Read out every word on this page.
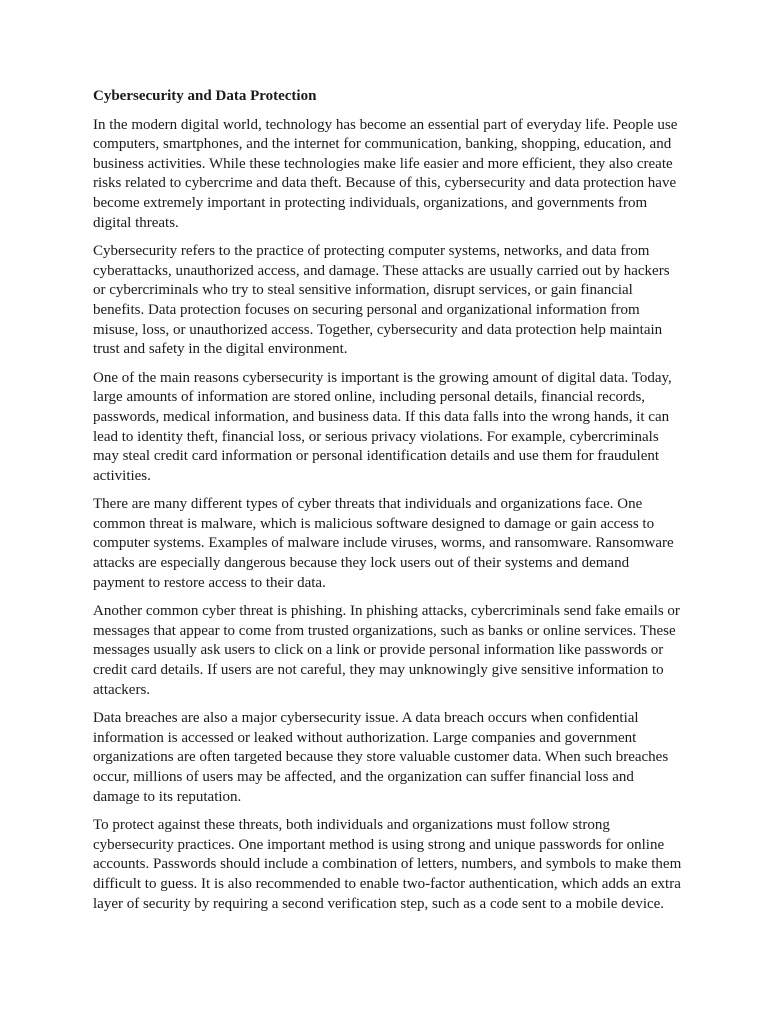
Cybersecurity and Data Protection

In the modern digital world, technology has become an essential part of everyday life. People use computers, smartphones, and the internet for communication, banking, shopping, education, and business activities. While these technologies make life easier and more efficient, they also create risks related to cybercrime and data theft. Because of this, cybersecurity and data protection have become extremely important in protecting individuals, organizations, and governments from digital threats.

Cybersecurity refers to the practice of protecting computer systems, networks, and data from cyberattacks, unauthorized access, and damage. These attacks are usually carried out by hackers or cybercriminals who try to steal sensitive information, disrupt services, or gain financial benefits. Data protection focuses on securing personal and organizational information from misuse, loss, or unauthorized access. Together, cybersecurity and data protection help maintain trust and safety in the digital environment.

One of the main reasons cybersecurity is important is the growing amount of digital data. Today, large amounts of information are stored online, including personal details, financial records, passwords, medical information, and business data. If this data falls into the wrong hands, it can lead to identity theft, financial loss, or serious privacy violations. For example, cybercriminals may steal credit card information or personal identification details and use them for fraudulent activities.

There are many different types of cyber threats that individuals and organizations face. One common threat is malware, which is malicious software designed to damage or gain access to computer systems. Examples of malware include viruses, worms, and ransomware. Ransomware attacks are especially dangerous because they lock users out of their systems and demand payment to restore access to their data.

Another common cyber threat is phishing. In phishing attacks, cybercriminals send fake emails or messages that appear to come from trusted organizations, such as banks or online services. These messages usually ask users to click on a link or provide personal information like passwords or credit card details. If users are not careful, they may unknowingly give sensitive information to attackers.

Data breaches are also a major cybersecurity issue. A data breach occurs when confidential information is accessed or leaked without authorization. Large companies and government organizations are often targeted because they store valuable customer data. When such breaches occur, millions of users may be affected, and the organization can suffer financial loss and damage to its reputation.

To protect against these threats, both individuals and organizations must follow strong cybersecurity practices. One important method is using strong and unique passwords for online accounts. Passwords should include a combination of letters, numbers, and symbols to make them difficult to guess. It is also recommended to enable two-factor authentication, which adds an extra layer of security by requiring a second verification step, such as a code sent to a mobile device.
